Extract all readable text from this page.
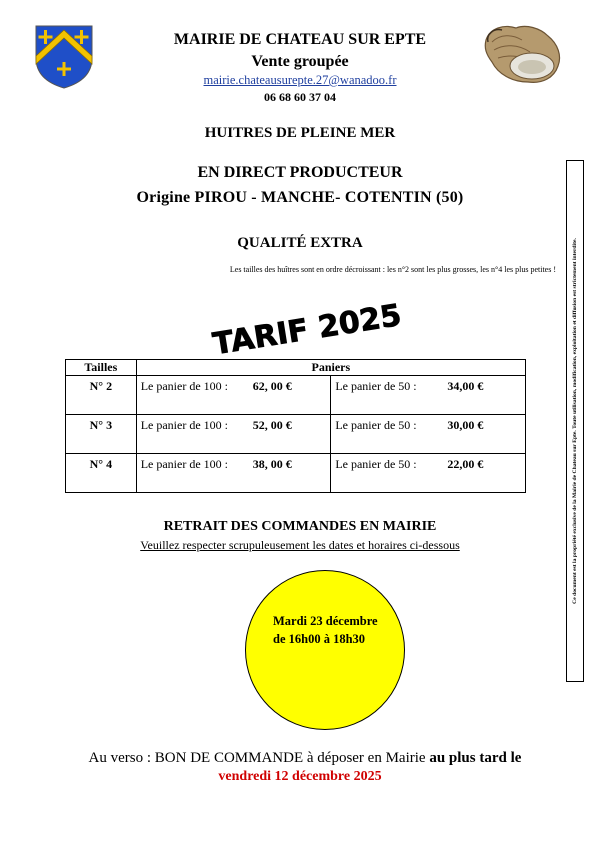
MAIRIE DE CHATEAU SUR EPTE
Vente groupée
mairie.chateausurepte.27@wanadoo.fr
06 68 60 37 04
HUITRES DE PLEINE MER
EN DIRECT PRODUCTEUR
Origine PIROU - MANCHE- COTENTIN (50)
QUALITÉ EXTRA
Les tailles des huîtres sont en ordre décroissant : les n°2 sont les plus grosses, les n°4 les plus petites !
TARIF 2025
Tailles	Paniers	
N° 2	Le panier de 100 : 62, 00 €	Le panier de 50 : 34,00 €
N° 3	Le panier de 100 : 52, 00 €	Le panier de 50 : 30,00 €
N° 4	Le panier de 100 : 38, 00 €	Le panier de 50 : 22,00 €
RETRAIT DES COMMANDES EN MAIRIE
Veuillez respecter scrupuleusement les dates et horaires ci-dessous
Mardi 23 décembre
de 16h00 à 18h30
Au verso : BON DE COMMANDE à déposer en Mairie au plus tard le
vendredi 12 décembre 2025
Ce document est la propriété exclusive de la Mairie de Chateau sur Epte. Toute utilisation, modification, exploitation et diffusion est strictement interdite.
